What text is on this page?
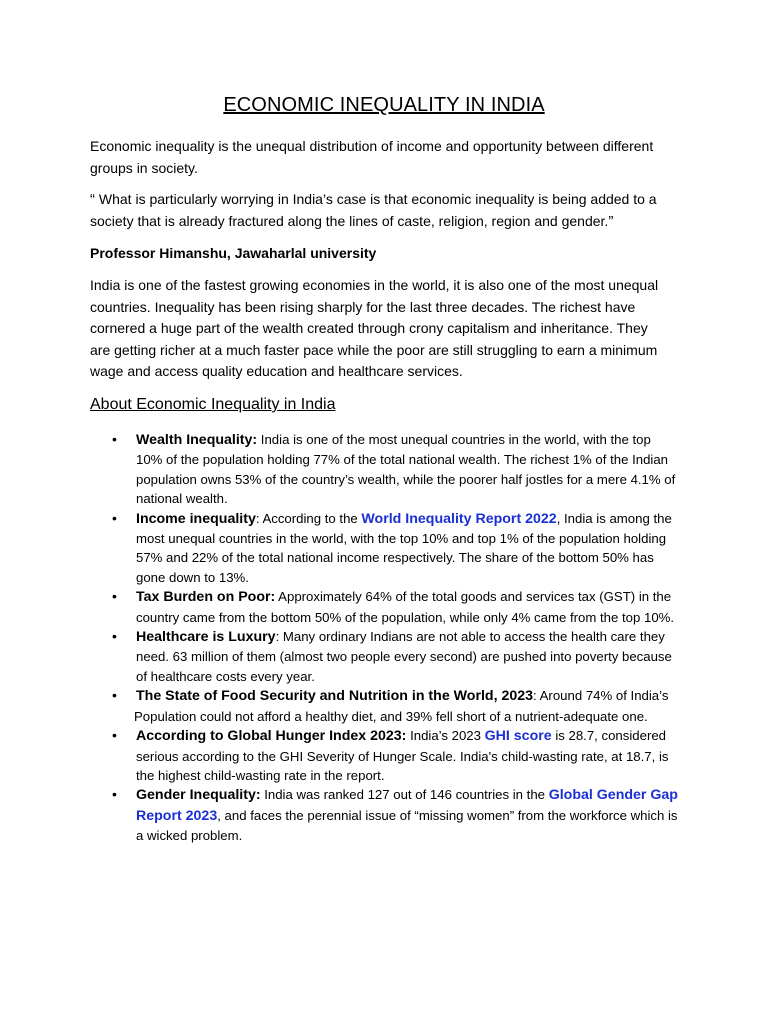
ECONOMIC INEQUALITY IN INDIA
Economic inequality is the unequal distribution of income and opportunity between different groups in society.
“ What is particularly worrying in India’s case is that economic inequality is being added to a society that is already fractured along the lines of caste, religion, region and gender.”
Professor Himanshu, Jawaharlal university
India is one of the fastest growing economies in the world, it is also one of the most unequal countries. Inequality has been rising sharply for the last three decades. The richest have cornered a huge part of the wealth created through crony capitalism and inheritance. They are getting richer at a much faster pace while the poor are still struggling to earn a minimum wage and access quality education and healthcare services.
About Economic Inequality in India
• Wealth Inequality: India is one of the most unequal countries in the world, with the top 10% of the population holding 77% of the total national wealth. The richest 1% of the Indian population owns 53% of the country’s wealth, while the poorer half jostles for a mere 4.1% of national wealth.
• Income inequality: According to the World Inequality Report 2022, India is among the most unequal countries in the world, with the top 10% and top 1% of the population holding 57% and 22% of the total national income respectively. The share of the bottom 50% has gone down to 13%.
• Tax Burden on Poor: Approximately 64% of the total goods and services tax (GST) in the country came from the bottom 50% of the population, while only 4% came from the top 10%.
• Healthcare is Luxury: Many ordinary Indians are not able to access the health care they need. 63 million of them (almost two people every second) are pushed into poverty because of healthcare costs every year.
• The State of Food Security and Nutrition in the World, 2023: Around 74% of India’s
Population could not afford a healthy diet, and 39% fell short of a nutrient-adequate one.
• According to Global Hunger Index 2023: India’s 2023 GHI score is 28.7, considered serious according to the GHI Severity of Hunger Scale. India's child-wasting rate, at 18.7, is the highest child-wasting rate in the report.
• Gender Inequality: India was ranked 127 out of 146 countries in the Global Gender Gap Report 2023, and faces the perennial issue of “missing women” from the workforce which is a wicked problem.
